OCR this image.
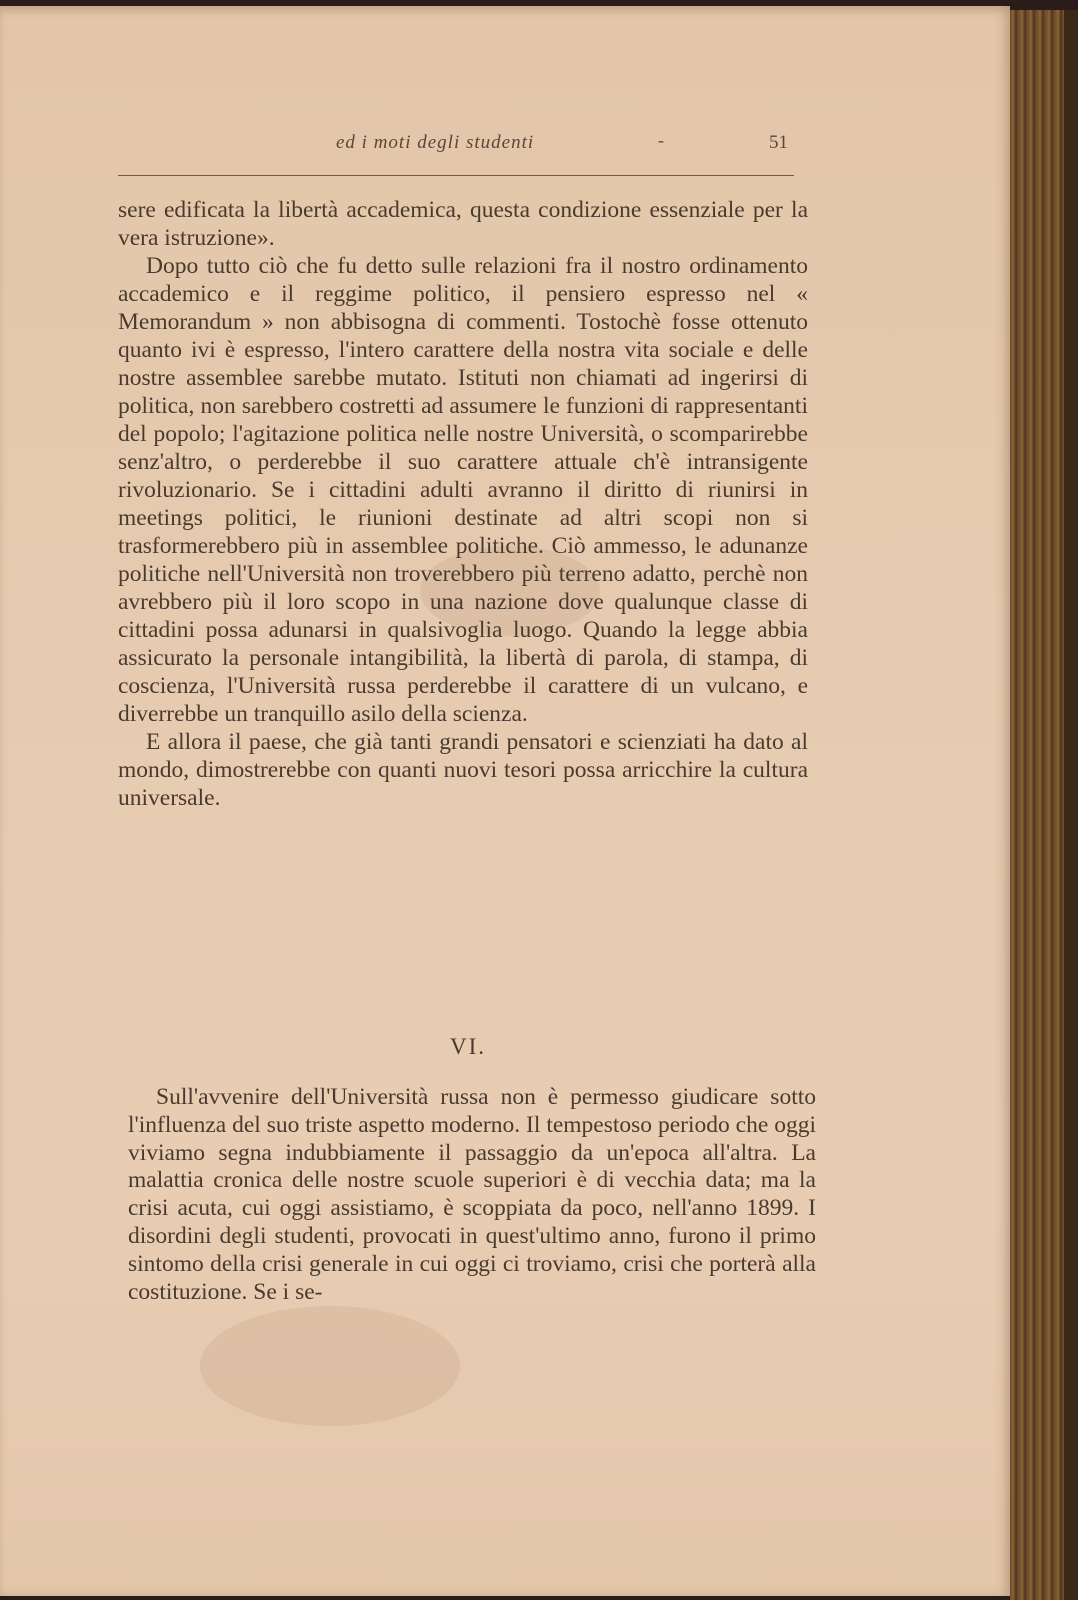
ed i moti degli studenti	-	51

sere edificata la libertà accademica, questa condizione essenziale per la vera istruzione».

Dopo tutto ciò che fu detto sulle relazioni fra il nostro ordinamento accademico e il reggime politico, il pensiero espresso nel « Memorandum » non abbisogna di commenti. Tostochè fosse ottenuto quanto ivi è espresso, l'intero carattere della nostra vita sociale e delle nostre assemblee sarebbe mutato. Istituti non chiamati ad ingerirsi di politica, non sarebbero costretti ad assumere le funzioni di rappresentanti del popolo; l'agitazione politica nelle nostre Università, o scomparirebbe senz'altro, o perderebbe il suo carattere attuale ch'è intransigente rivoluzionario. Se i cittadini adulti avranno il diritto di riunirsi in meetings politici, le riunioni destinate ad altri scopi non si trasformerebbero più in assemblee politiche. Ciò ammesso, le adunanze politiche nell'Università non troverebbero più terreno adatto, perchè non avrebbero più il loro scopo in una nazione dove qualunque classe di cittadini possa adunarsi in qualsivoglia luogo. Quando la legge abbia assicurato la personale intangibilità, la libertà di parola, di stampa, di coscienza, l'Università russa perderebbe il carattere di un vulcano, e diverrebbe un tranquillo asilo della scienza.

E allora il paese, che già tanti grandi pensatori e scienziati ha dato al mondo, dimostrerebbe con quanti nuovi tesori possa arricchire la cultura universale.

VI.

Sull'avvenire dell'Università russa non è permesso giudicare sotto l'influenza del suo triste aspetto moderno. Il tempestoso periodo che oggi viviamo segna indubbiamente il passaggio da un'epoca all'altra. La malattia cronica delle nostre scuole superiori è di vecchia data; ma la crisi acuta, cui oggi assistiamo, è scoppiata da poco, nell'anno 1899. I disordini degli studenti, provocati in quest'ultimo anno, furono il primo sintomo della crisi generale in cui oggi ci troviamo, crisi che porterà alla costituzione. Se i se-
